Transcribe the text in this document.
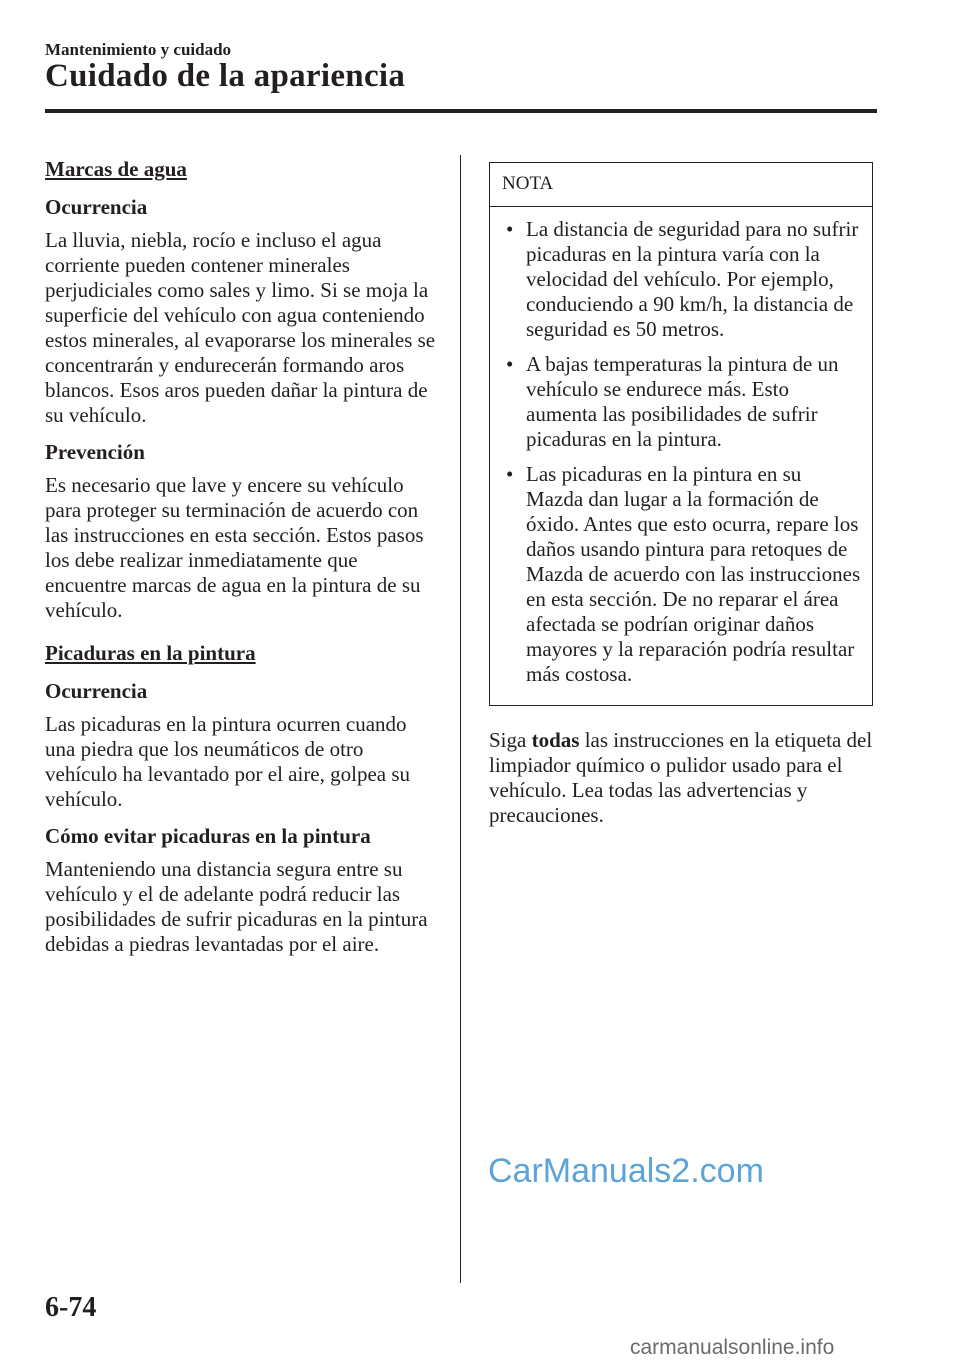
Mantenimiento y cuidado
Cuidado de la apariencia
Marcas de agua
Ocurrencia

La lluvia, niebla, rocío e incluso el agua corriente pueden contener minerales perjudiciales como sales y limo. Si se moja la superficie del vehículo con agua conteniendo estos minerales, al evaporarse los minerales se concentrarán y endurecerán formando aros blancos. Esos aros pueden dañar la pintura de su vehículo.

Prevención

Es necesario que lave y encere su vehículo para proteger su terminación de acuerdo con las instrucciones en esta sección. Estos pasos los debe realizar inmediatamente que encuentre marcas de agua en la pintura de su vehículo.

Picaduras en la pintura
Ocurrencia

Las picaduras en la pintura ocurren cuando una piedra que los neumáticos de otro vehículo ha levantado por el aire, golpea su vehículo.

Cómo evitar picaduras en la pintura

Manteniendo una distancia segura entre su vehículo y el de adelante podrá reducir las posibilidades de sufrir picaduras en la pintura debidas a piedras levantadas por el aire.

NOTA
• La distancia de seguridad para no sufrir picaduras en la pintura varía con la velocidad del vehículo. Por ejemplo, conduciendo a 90 km/h, la distancia de seguridad es 50 metros.
• A bajas temperaturas la pintura de un vehículo se endurece más. Esto aumenta las posibilidades de sufrir picaduras en la pintura.
• Las picaduras en la pintura en su Mazda dan lugar a la formación de óxido. Antes que esto ocurra, repare los daños usando pintura para retoques de Mazda de acuerdo con las instrucciones en esta sección. De no reparar el área afectada se podrían originar daños mayores y la reparación podría resultar más costosa.

Siga todas las instrucciones en la etiqueta del limpiador químico o pulidor usado para el vehículo. Lea todas las advertencias y precauciones.

CarManuals2.com
6-74
carmanualsonline.info
